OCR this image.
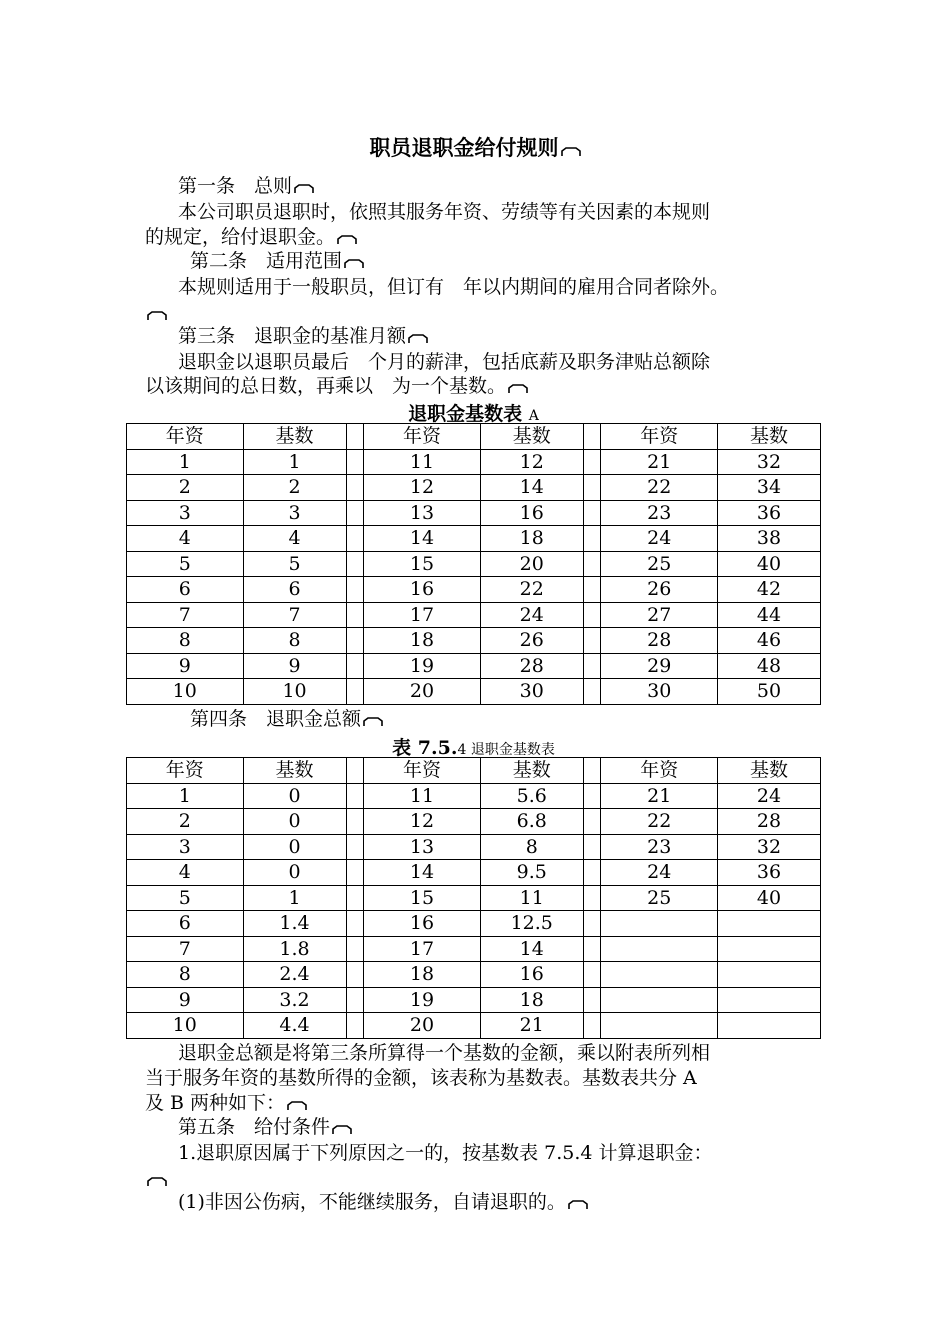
职员退职金给付规则
第一条　总则
本公司职员退职时，依照其服务年资、劳绩等有关因素的本规则
的规定，给付退职金。
第二条　适用范围
本规则适用于一般职员，但订有　年以内期间的雇用合同者除外。
第三条　退职金的基准月额
退职金以退职员最后　个月的薪津，包括底薪及职务津贴总额除
以该期间的总日数，再乘以　为一个基数。
退职金基数表 A
年资	基数		年资	基数		年资	基数
1	1		11	12		21	32
2	2		12	14		22	34
3	3		13	16		23	36
4	4		14	18		24	38
5	5		15	20		25	40
6	6		16	22		26	42
7	7		17	24		27	44
8	8		18	26		28	46
9	9		19	28		29	48
10	10		20	30		30	50
第四条　退职金总额
表 7.5.4 退职金基数表
年资	基数		年资	基数		年资	基数
1	0		11	5.6		21	24
2	0		12	6.8		22	28
3	0		13	8		23	32
4	0		14	9.5		24	36
5	1		15	11		25	40
6	1.4		16	12.5			
7	1.8		17	14			
8	2.4		18	16			
9	3.2		19	18			
10	4.4		20	21			
退职金总额是将第三条所算得一个基数的金额，乘以附表所列相
当于服务年资的基数所得的金额，该表称为基数表。基数表共分 A
及 B 两种如下：
第五条　给付条件
1.退职原因属于下列原因之一的，按基数表 7.5.4 计算退职金：
(1)非因公伤病，不能继续服务，自请退职的。
